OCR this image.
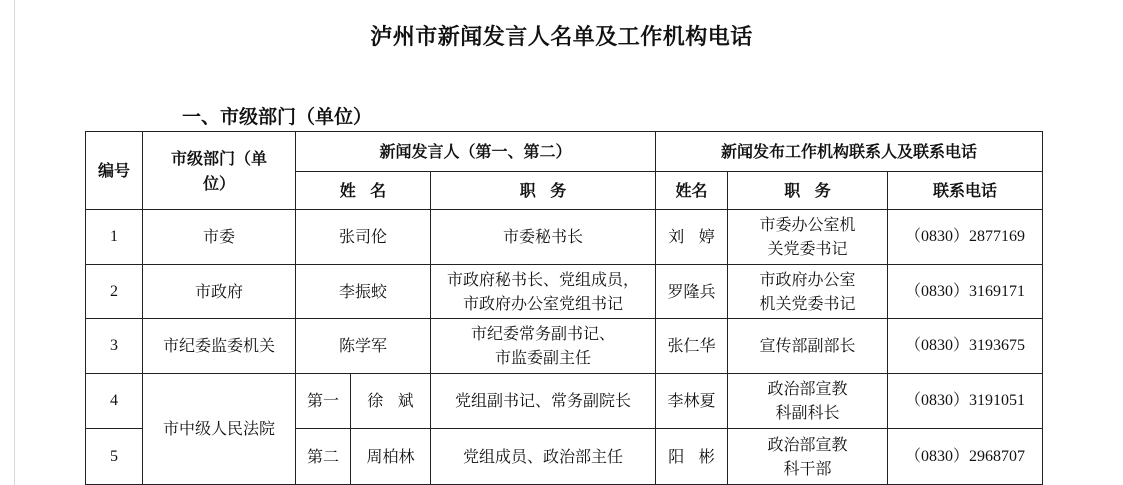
泸州市新闻发言人名单及工作机构电话
一、市级部门（单位）
编号	市级部门（单位）	新闻发言人（第一、第二）			新闻发布工作机构联系人及联系电话		
		姓名		职务	姓名	职务	联系电话
1	市委	张司伦		市委秘书长	刘婷	市委办公室机关党委书记	（0830）2877169
2	市政府	李振蛟		市政府秘书长、党组成员，市政府办公室党组书记	罗隆兵	市政府办公室机关党委书记	（0830）3169171
3	市纪委监委机关	陈学军		市纪委常务副书记、市监委副主任	张仁华	宣传部副部长	（0830）3193675
4	市中级人民法院	第一	徐斌	党组副书记、常务副院长	李林夏	政治部宣教科副科长	（0830）3191051
5		第二	周柏林	党组成员、政治部主任	阳彬	政治部宣教科干部	（0830）2968707
